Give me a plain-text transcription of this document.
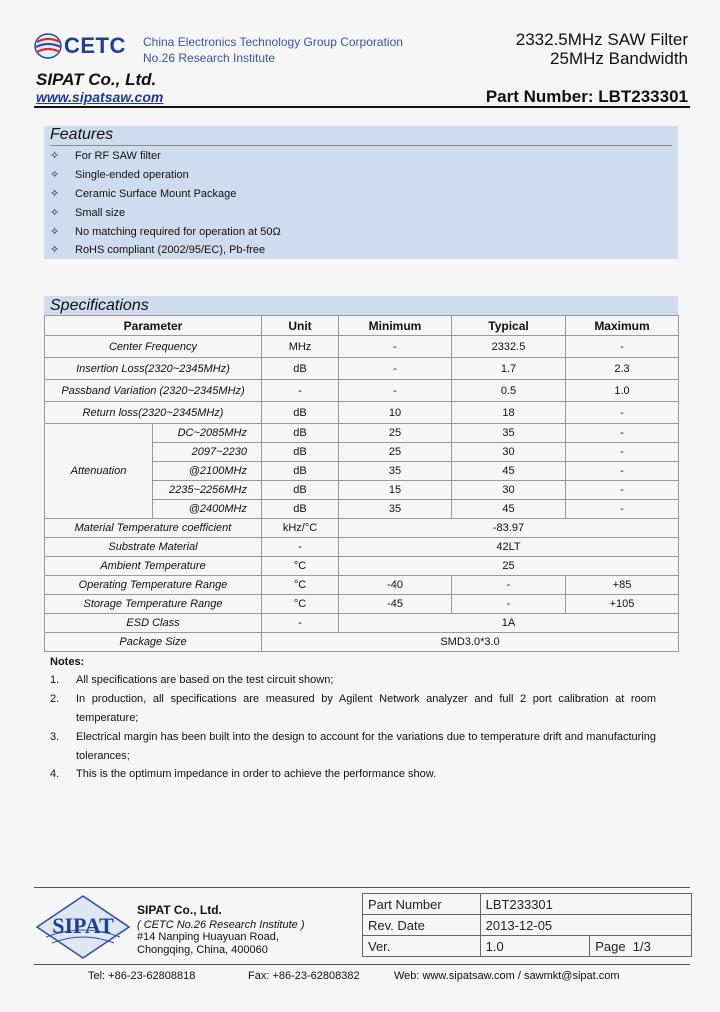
CETC China Electronics Technology Group Corporation
No.26 Research Institute
2332.5MHz SAW Filter
25MHz Bandwidth
SIPAT Co., Ltd.
www.sipatsaw.com	Part Number: LBT233301
Features
✧ For RF SAW filter
✧ Single-ended operation
✧ Ceramic Surface Mount Package
✧ Small size
✧ No matching required for operation at 50Ω
✧ RoHS compliant (2002/95/EC), Pb-free
Specifications
Parameter		Unit	Minimum	Typical	Maximum
Center Frequency		MHz	-	2332.5	-
Insertion Loss(2320~2345MHz)		dB	-	1.7	2.3
Passband Variation (2320~2345MHz)		-	-	0.5	1.0
Return loss(2320~2345MHz)		dB	10	18	-
Attenuation	DC~2085MHz	dB	25	35	-
	2097~2230	dB	25	30	-
	@2100MHz	dB	35	45	-
	2235~2256MHz	dB	15	30	-
	@2400MHz	dB	35	45	-
Material Temperature coefficient		kHz/°C	-83.97		
Substrate Material		-	42LT		
Ambient Temperature		°C	25		
Operating Temperature Range		°C	-40	-	+85
Storage Temperature Range		°C	-45	-	+105
ESD Class		-	1A		
Package Size		SMD3.0*3.0			
Notes:
1. All specifications are based on the test circuit shown;
2. In production, all specifications are measured by Agilent Network analyzer and full 2 port calibration at room temperature;
3. Electrical margin has been built into the design to account for the variations due to temperature drift and manufacturing tolerances;
4. This is the optimum impedance in order to achieve the performance show.
SIPAT
SIPAT Co., Ltd.
( CETC No.26 Research Institute )
#14 Nanping Huayuan Road,
Chongqing, China, 400060
Part Number	LBT233301	
Rev. Date	2013-12-05	
Ver.	1.0	Page 1/3
Tel: +86-23-62808818	Fax: +86-23-62808382	Web: www.sipatsaw.com / sawmkt@sipat.com
